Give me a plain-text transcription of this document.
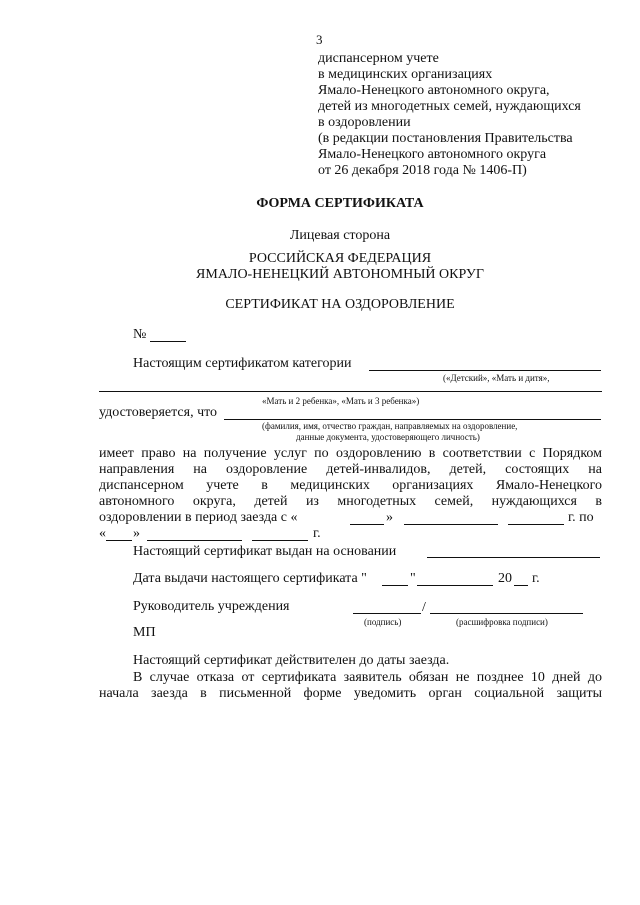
3
диспансерном учете
в медицинских организациях
Ямало-Ненецкого автономного округа,
детей из многодетных семей, нуждающихся
в оздоровлении
(в редакции постановления Правительства
Ямало-Ненецкого автономного округа
от 26 декабря 2018 года № 1406-П)
ФОРМА СЕРТИФИКАТА
Лицевая сторона
РОССИЙСКАЯ ФЕДЕРАЦИЯ
ЯМАЛО-НЕНЕЦКИЙ АВТОНОМНЫЙ ОКРУГ
СЕРТИФИКАТ НА ОЗДОРОВЛЕНИЕ
№
Настоящим сертификатом категории
(«Детский», «Мать и дитя»,
«Мать и 2 ребенка», «Мать и 3 ребенка»)
удостоверяется, что
(фамилия, имя, отчество граждан, направляемых на оздоровление,
данные документа, удостоверяющего личность)
имеет право на получение услуг по оздоровлению в соответствии с Порядком
направления на оздоровление детей-инвалидов, детей, состоящих на
диспансерном учете в медицинских организациях Ямало-Ненецкого
автономного округа, детей из многодетных семей, нуждающихся в
оздоровлении в период заезда с «	»	г. по
« »	г.
Настоящий сертификат выдан на основании
Дата выдачи настоящего сертификата "	"	20 г.
Руководитель учреждения	/
(подпись)	(расшифровка подписи)
МП
Настоящий сертификат действителен до даты заезда.
В случае отказа от сертификата заявитель обязан не позднее 10 дней до
начала заезда в письменной форме уведомить орган социальной защиты
